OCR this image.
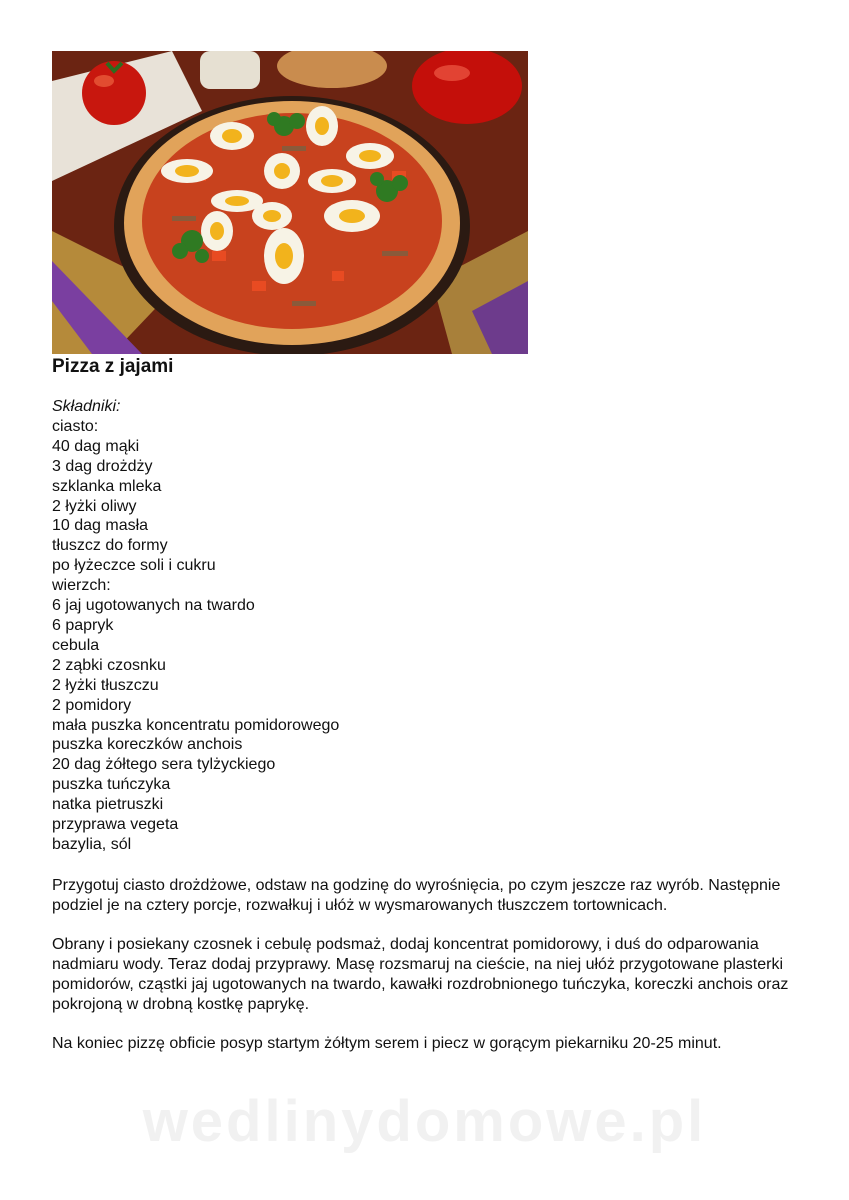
Pizza z jajami
Składniki:
ciasto:
40 dag mąki
3 dag drożdży
szklanka mleka
2 łyżki oliwy
10 dag masła
tłuszcz do formy
po łyżeczce soli i cukru
wierzch:
6 jaj ugotowanych na twardo
6 papryk
cebula
2 ząbki czosnku
2 łyżki tłuszczu
2 pomidory
mała puszka koncentratu pomidorowego
puszka koreczków anchois
20 dag żółtego sera tylżyckiego
puszka tuńczyka
natka pietruszki
przyprawa vegeta
bazylia, sól

Przygotuj ciasto drożdżowe, odstaw na godzinę do wyrośnięcia, po czym jeszcze raz wyrób. Następnie podziel je na cztery porcje, rozwałkuj i ułóż w wysmarowanych tłuszczem tortownicach.

Obrany i posiekany czosnek i cebulę podsmaż, dodaj koncentrat pomidorowy, i duś do odparowania nadmiaru wody. Teraz dodaj przyprawy. Masę rozsmaruj na cieście, na niej ułóż przygotowane plasterki pomidorów, cząstki jaj ugotowanych na twardo, kawałki rozdrobnionego tuńczyka, koreczki anchois oraz pokrojoną w drobną kostkę paprykę.

Na koniec pizzę obficie posyp startym żółtym serem i piecz w gorącym piekarniku 20-25 minut.

wedlinydomowe.pl
